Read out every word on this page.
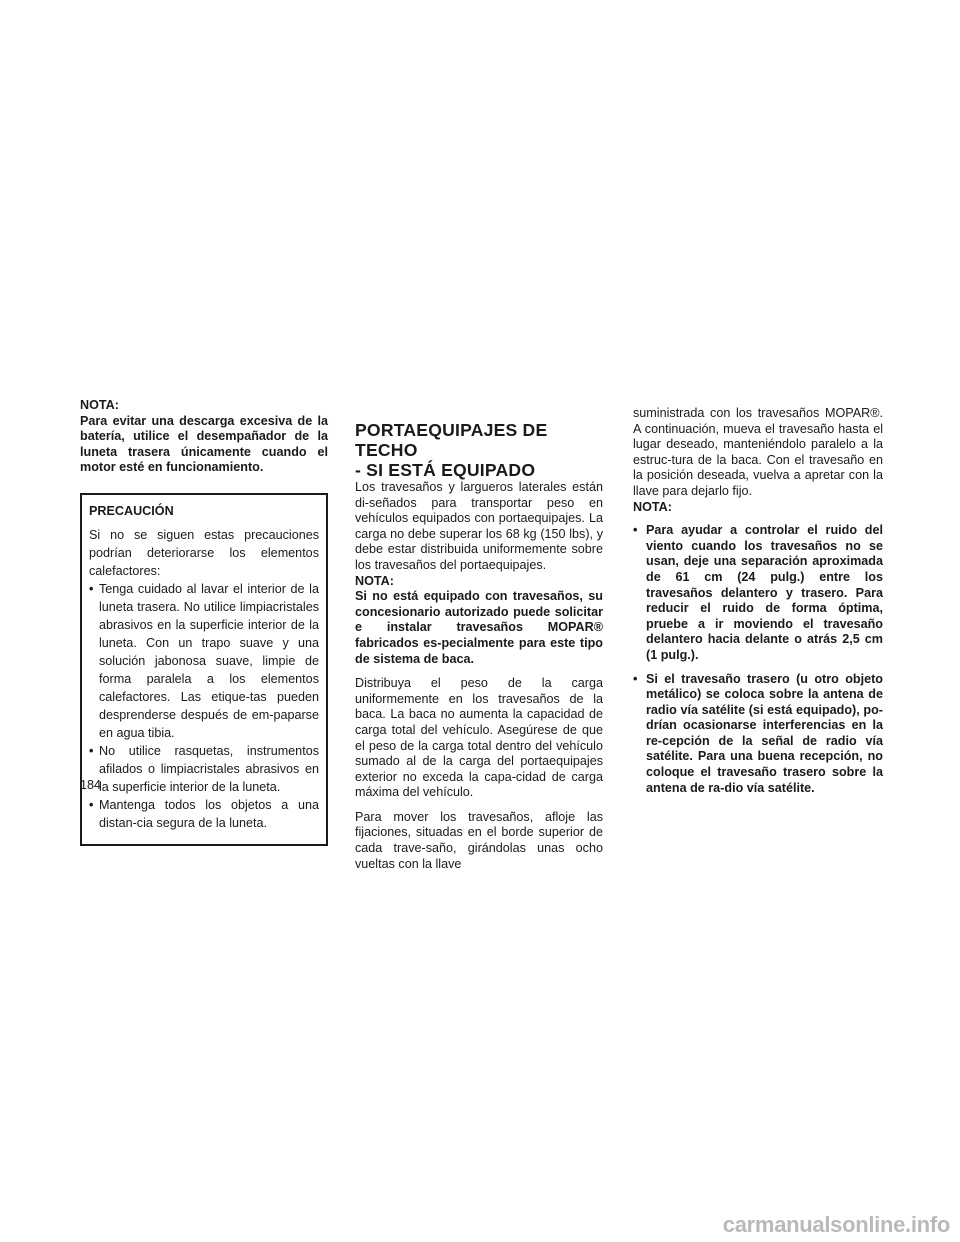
NOTA:

Para evitar una descarga excesiva de la batería, utilice el desempañador de la luneta trasera únicamente cuando el motor esté en funcionamiento.

PRECAUCIÓN

Si no se siguen estas precauciones podrían deteriorarse los elementos calefactores:

• Tenga cuidado al lavar el interior de la luneta trasera. No utilice limpiacristales abrasivos en la superficie interior de la luneta. Con un trapo suave y una solución jabonosa suave, limpie de forma paralela a los elementos calefactores. Las etique-tas pueden desprenderse después de em-paparse en agua tibia.
• No utilice rasquetas, instrumentos afilados o limpiacristales abrasivos en la superficie interior de la luneta.
• Mantenga todos los objetos a una distan-cia segura de la luneta.
PORTAEQUIPAJES DE TECHO
- SI ESTÁ EQUIPADO

Los travesaños y largueros laterales están di-señados para transportar peso en vehículos equipados con portaequipajes. La carga no debe superar los 68 kg (150 lbs), y debe estar distribuida uniformemente sobre los travesaños del portaequipajes.

NOTA:

Si no está equipado con travesaños, su concesionario autorizado puede solicitar e instalar travesaños MOPAR® fabricados es-pecialmente para este tipo de sistema de baca.

Distribuya el peso de la carga uniformemente en los travesaños de la baca. La baca no aumenta la capacidad de carga total del vehículo. Asegúrese de que el peso de la carga total dentro del vehículo sumado al de la carga del portaequipajes exterior no exceda la capa-cidad de carga máxima del vehículo.

Para mover los travesaños, afloje las fijaciones, situadas en el borde superior de cada trave-saño, girándolas unas ocho vueltas con la llave

suministrada con los travesaños MOPAR®. A continuación, mueva el travesaño hasta el lugar deseado, manteniéndolo paralelo a la estruc-tura de la baca. Con el travesaño en la posición deseada, vuelva a apretar con la llave para dejarlo fijo.

NOTA:

• Para ayudar a controlar el ruido del viento cuando los travesaños no se usan, deje una separación aproximada de 61 cm (24 pulg.) entre los travesaños delantero y trasero. Para reducir el ruido de forma óptima, pruebe a ir moviendo el travesaño delantero hacia delante o atrás 2,5 cm (1 pulg.).
• Si el travesaño trasero (u otro objeto metálico) se coloca sobre la antena de radio vía satélite (si está equipado), po-drían ocasionarse interferencias en la re-cepción de la señal de radio vía satélite. Para una buena recepción, no coloque el travesaño trasero sobre la antena de ra-dio vía satélite.
184
carmanualsonline.info
